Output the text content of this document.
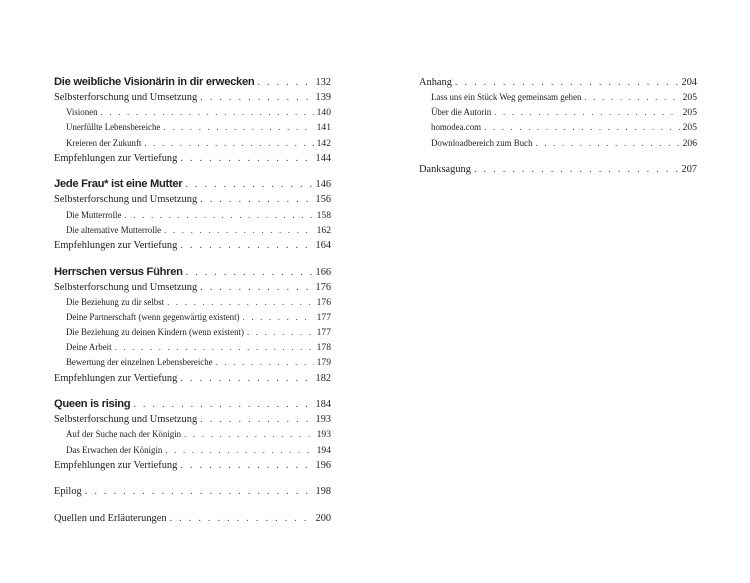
Die weibliche Visionärin in dir erwecken . . .	132
Selbsterforschung und Umsetzung . . .	139
Visionen . . .	140
Unerfüllte Lebensbereiche . . .	141
Kreieren der Zukunft . . .	142
Empfehlungen zur Vertiefung . . .	144
Jede Frau* ist eine Mutter . . .	146
Selbsterforschung und Umsetzung . . .	156
Die Mutterrolle . . .	158
Die alternative Mutterrolle . . .	162
Empfehlungen zur Vertiefung . . .	164
Herrschen versus Führen . . .	166
Selbsterforschung und Umsetzung . . .	176
Die Beziehung zu dir selbst . . .	176
Deine Partnerschaft (wenn gegenwärtig existent) . . .	177
Die Beziehung zu deinen Kindern (wenn existent) . . .	177
Deine Arbeit . . .	178
Bewertung der einzelnen Lebensbereiche . . .	179
Empfehlungen zur Vertiefung . . .	182
Queen is rising . . .	184
Selbsterforschung und Umsetzung . . .	193
Auf der Suche nach der Königin . . .	193
Das Erwachen der Königin . . .	194
Empfehlungen zur Vertiefung . . .	196
Epilog . . .	198
Quellen und Erläuterungen . . .	200
Anhang . . .	204
Lass uns ein Stück Weg gemeinsam gehen . . .	205
Über die Autorin . . .	205
homodea.com . . .	205
Downloadbereich zum Buch . . .	206
Danksagung . . .	207
